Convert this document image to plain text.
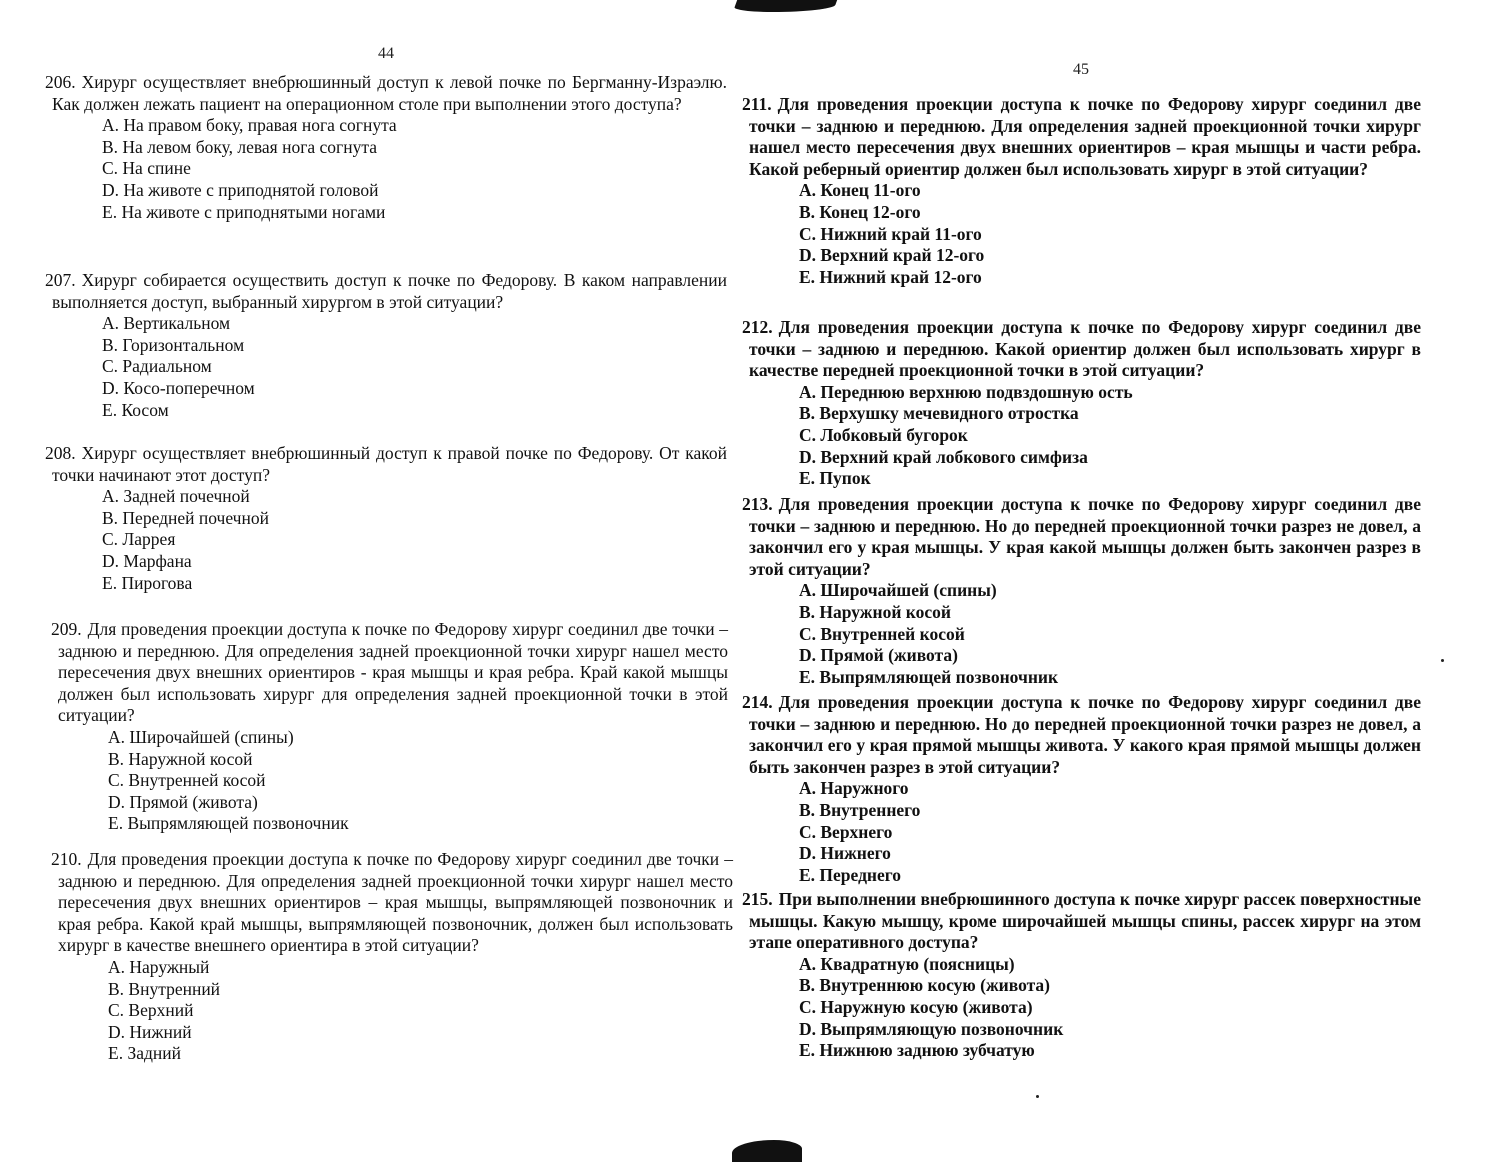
44
206. Хирург осуществляет внебрюшинный доступ к левой почке по Бергманну-Израэлю. Как должен лежать пациент на операционном столе при выполнении этого доступа?
A. На правом боку, правая нога согнута
B. На левом боку, левая нога согнута
C. На спине
D. На животе с приподнятой головой
E. На животе с приподнятыми ногами
207. Хирург собирается осуществить доступ к почке по Федорову. В каком направлении выполняется доступ, выбранный хирургом в этой ситуации?
A. Вертикальном
B. Горизонтальном
C. Радиальном
D. Косо-поперечном
E. Косом
208. Хирург осуществляет внебрюшинный доступ к правой почке по Федорову. От какой точки начинают этот доступ?
A. Задней почечной
B. Передней почечной
C. Ларрея
D. Марфана
E. Пирогова
209. Для проведения проекции доступа к почке по Федорову хирург соединил две точки – заднюю и переднюю. Для определения задней проекционной точки хирург нашел место пересечения двух внешних ориентиров - края мышцы и края ребра. Край какой мышцы должен был использовать хирург для определения задней проекционной точки в этой ситуации?
A. Широчайшей (спины)
B. Наружной косой
C. Внутренней косой
D. Прямой (живота)
E. Выпрямляющей позвоночник
210. Для проведения проекции доступа к почке по Федорову хирург соединил две точки – заднюю и переднюю. Для определения задней проекционной точки хирург нашел место пересечения двух внешних ориентиров – края мышцы, выпрямляющей позвоночник и края ребра. Какой край мышцы, выпрямляющей позвоночник, должен был использовать хирург в качестве внешнего ориентира в этой ситуации?
A. Наружный
B. Внутренний
C. Верхний
D. Нижний
E. Задний
45
211. Для проведения проекции доступа к почке по Федорову хирург соединил две точки – заднюю и переднюю. Для определения задней проекционной точки хирург нашел место пересечения двух внешних ориентиров – края мышцы и части ребра. Какой реберный ориентир должен был использовать хирург в этой ситуации?
A. Конец 11-ого
B. Конец 12-ого
C. Нижний край 11-ого
D. Верхний край 12-ого
E. Нижний край 12-ого
212. Для проведения проекции доступа к почке по Федорову хирург соединил две точки – заднюю и переднюю. Какой ориентир должен был использовать хирург в качестве передней проекционной точки в этой ситуации?
A. Переднюю верхнюю подвздошную ость
B. Верхушку мечевидного отростка
C. Лобковый бугорок
D. Верхний край лобкового симфиза
E. Пупок
213. Для проведения проекции доступа к почке по Федорову хирург соединил две точки – заднюю и переднюю. Но до передней проекционной точки разрез не довел, а закончил его у края мышцы. У края какой мышцы должен быть закончен разрез в этой ситуации?
A. Широчайшей (спины)
B. Наружной косой
C. Внутренней косой
D. Прямой (живота)
E. Выпрямляющей позвоночник
214. Для проведения проекции доступа к почке по Федорову хирург соединил две точки – заднюю и переднюю. Но до передней проекционной точки разрез не довел, а закончил его у края прямой мышцы живота. У какого края прямой мышцы должен быть закончен разрез в этой ситуации?
A. Наружного
B. Внутреннего
C. Верхнего
D. Нижнего
E. Переднего
215. При выполнении внебрюшинного доступа к почке хирург рассек поверхностные мышцы. Какую мышцу, кроме широчайшей мышцы спины, рассек хирург на этом этапе оперативного доступа?
A. Квадратную (поясницы)
B. Внутреннюю косую (живота)
C. Наружную косую (живота)
D. Выпрямляющую позвоночник
E. Нижнюю заднюю зубчатую
